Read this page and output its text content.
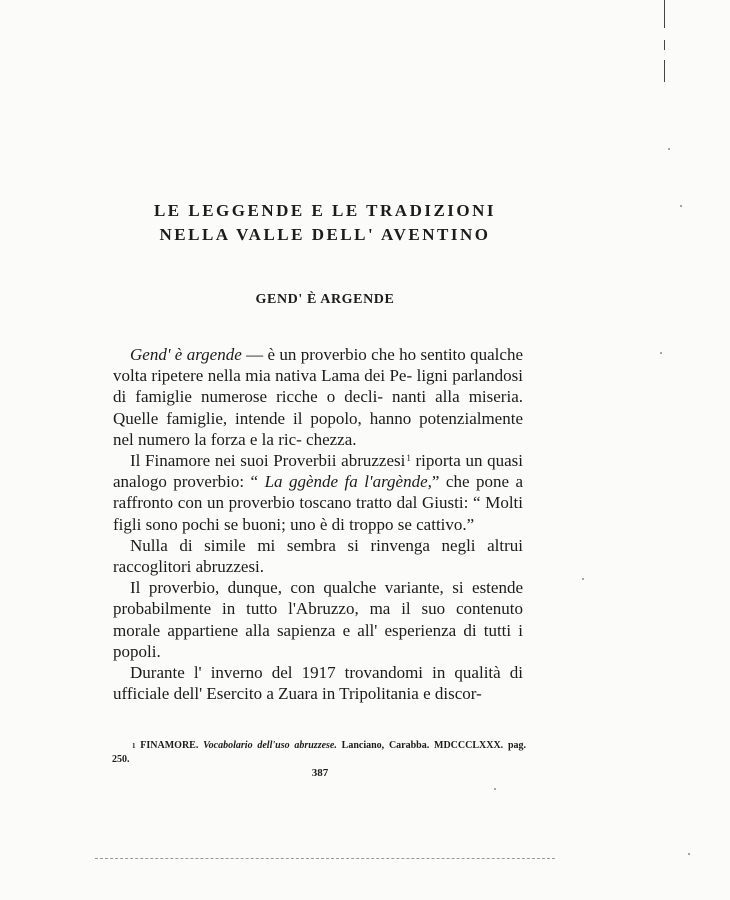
LE LEGGENDE E LE TRADIZIONI
NELLA VALLE DELL' AVENTINO
GEND' È ARGENDE

Gend' è argende — è un proverbio che ho sentito qualche volta ripetere nella mia nativa Lama dei Pe- ligni parlandosi di famiglie numerose ricche o decli- nanti alla miseria. Quelle famiglie, intende il popolo, hanno potenzialmente nel numero la forza e la ric- chezza.

Il Finamore nei suoi Proverbii abruzzesi$^1$ riporta un quasi analogo proverbio: “ La ggènde fa l'argènde,” che pone a raffronto con un proverbio toscano tratto dal Giusti: “ Molti figli sono pochi se buoni; uno è di troppo se cattivo.”

Nulla di simile mi sembra si rinvenga negli altrui raccoglitori abruzzesi.

Il proverbio, dunque, con qualche variante, si estende probabilmente in tutto l'Abruzzo, ma il suo contenuto morale appartiene alla sapienza e all' esperienza di tutti i popoli.

Durante l' inverno del 1917 trovandomi in qualità di ufficiale dell' Esercito a Zuara in Tripolitania e discor-

$^1$ FINAMORE. Vocabolario dell'uso abruzzese. Lanciano, Carabba. MDCCCLXXX. pag. 250.

387
